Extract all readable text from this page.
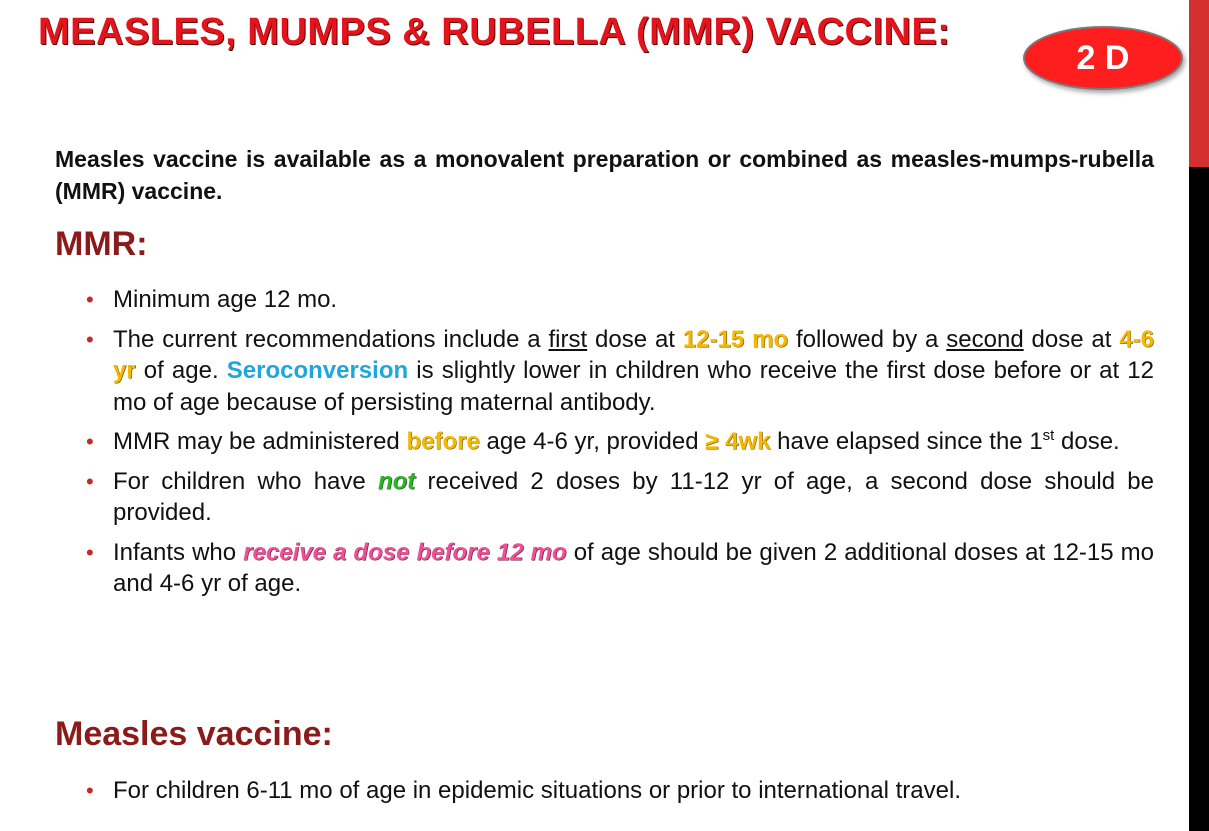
MEASLES, MUMPS & RUBELLA (MMR) VACCINE:
2 D

Measles vaccine is available as a monovalent preparation or combined as measles-mumps-rubella (MMR) vaccine.

MMR:
• Minimum age 12 mo.
• The current recommendations include a first dose at 12-15 mo followed by a second dose at 4-6 yr of age. Seroconversion is slightly lower in children who receive the first dose before or at 12 mo of age because of persisting maternal antibody.
• MMR may be administered before age 4-6 yr, provided ≥ 4wk have elapsed since the 1st dose.
• For children who have not received 2 doses by 11-12 yr of age, a second dose should be provided.
• Infants who receive a dose before 12 mo of age should be given 2 additional doses at 12-15 mo and 4-6 yr of age.
Measles vaccine:
• For children 6-11 mo of age in epidemic situations or prior to international travel.
